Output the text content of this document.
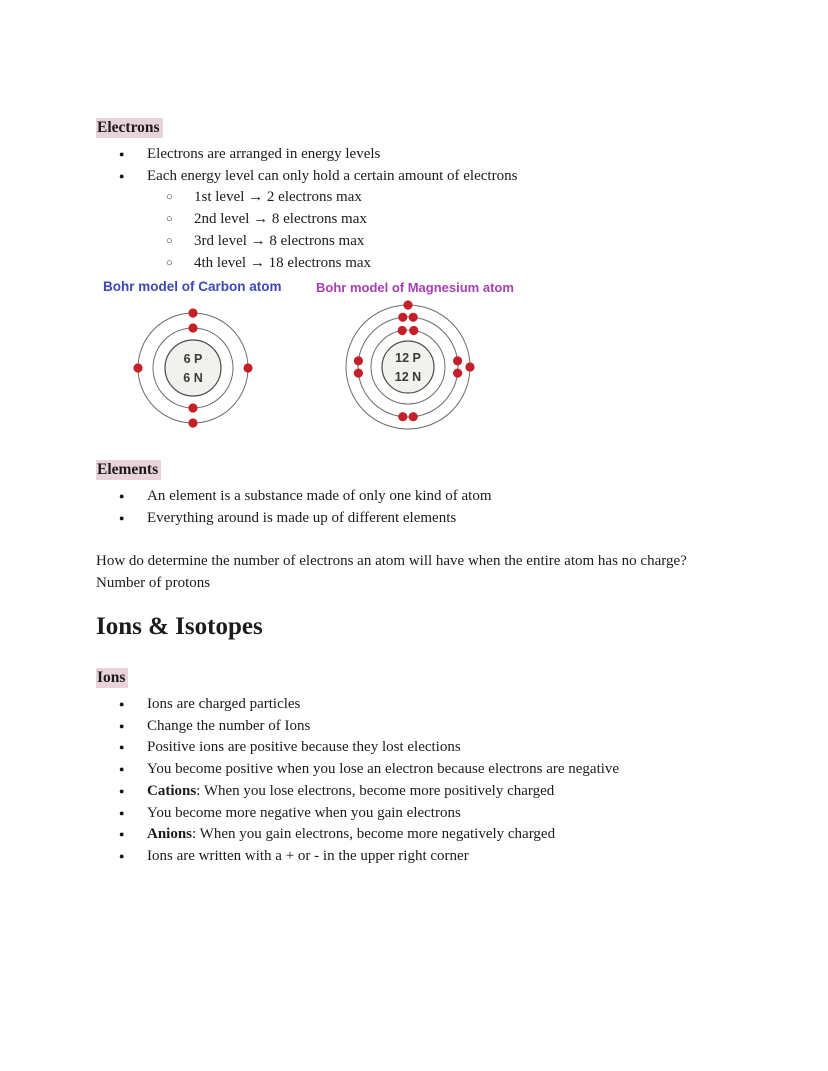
Electrons
● Electrons are arranged in energy levels
● Each energy level can only hold a certain amount of electrons
○ 1st level → 2 electrons max
○ 2nd level → 8 electrons max
○ 3rd level → 8 electrons max
○ 4th level → 18 electrons max
Bohr model of Carbon atom	Bohr model of Magnesium atom
6 P
6 N
12 P
12 N
Elements
● An element is a substance made of only one kind of atom
● Everything around is made up of different elements

How do determine the number of electrons an atom will have when the entire atom has no charge? Number of protons

Ions & Isotopes
Ions
● Ions are charged particles
● Change the number of Ions
● Positive ions are positive because they lost elections
● You become positive when you lose an electron because electrons are negative
● Cations: When you lose electrons, become more positively charged
● You become more negative when you gain electrons
● Anions: When you gain electrons, become more negatively charged
● Ions are written with a + or - in the upper right corner
